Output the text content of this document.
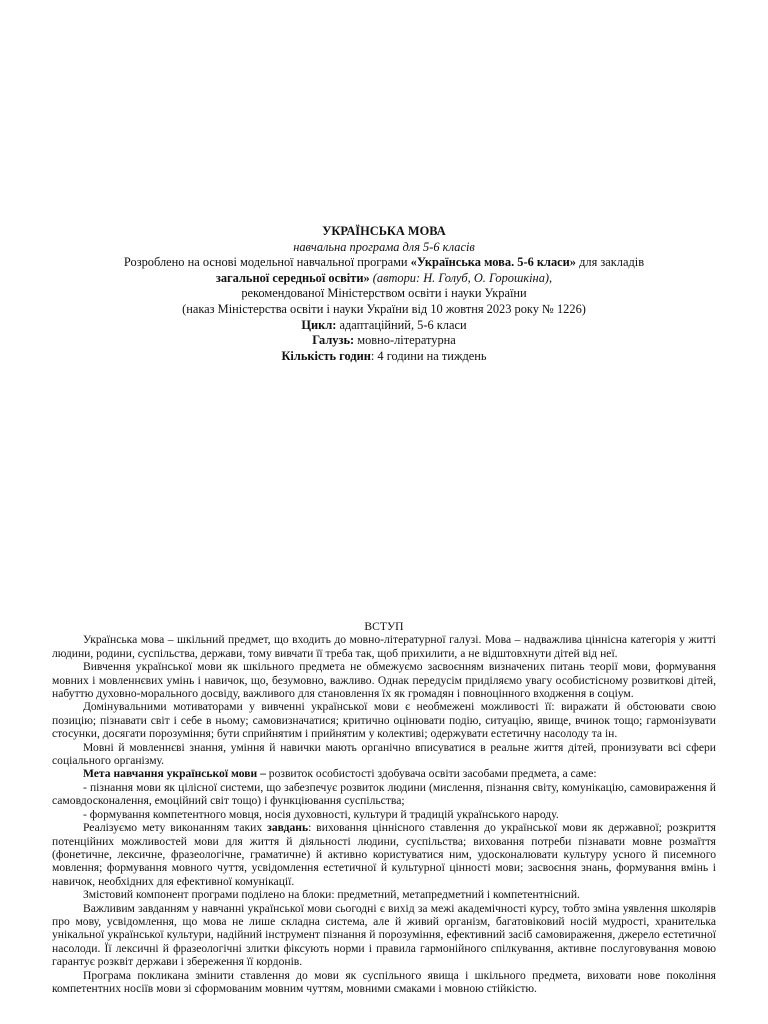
УКРАЇНСЬКА МОВА
навчальна програма для 5-6 класів
Розроблено на основі модельної навчальної програми «Українська мова. 5-6 класи» для закладів
загальної середньої освіти» (автори: Н. Голуб, О. Горошкіна),
рекомендованої Міністерством освіти і науки України
(наказ Міністерства освіти і науки України від 10 жовтня 2023 року № 1226)
Цикл: адаптаційний, 5-6 класи
Галузь: мовно-літературна
Кількість годин: 4 години на тиждень
ВСТУП

Українська мова – шкільний предмет, що входить до мовно-літературної галузі. Мова – надважлива ціннісна категорія у житті людини, родини, суспільства, держави, тому вивчати її треба так, щоб прихилити, а не відштовхнути дітей від неї.

Вивчення української мови як шкільного предмета не обмежуємо засвоєнням визначених питань теорії мови, формування мовних і мовленнєвих умінь і навичок, що, безумовно, важливо. Однак передусім приділяємо увагу особистісному розвиткові дітей, набуттю духовно-морального досвіду, важливого для становлення їх як громадян і повноцінного входження в соціум.

Домінувальними мотиваторами у вивченні української мови є необмежені можливості її: виражати й обстоювати свою позицію; пізнавати світ і себе в ньому; самовизначатися; критично оцінювати подію, ситуацію, явище, вчинок тощо; гармонізувати стосунки, досягати порозуміння; бути сприйнятим і прийнятим у колективі; одержувати естетичну насолоду та ін.

Мовні й мовленнєві знання, уміння й навички мають органічно вписуватися в реальне життя дітей, пронизувати всі сфери соціального організму.

Мета навчання української мови – розвиток особистості здобувача освіти засобами предмета, а саме:

- пізнання мови як цілісної системи, що забезпечує розвиток людини (мислення, пізнання світу, комунікацію, самовираження й самовдосконалення, емоційний світ тощо) і функціювання суспільства;

- формування компетентного мовця, носія духовності, культури й традицій українського народу.

Реалізуємо мету виконанням таких завдань: виховання ціннісного ставлення до української мови як державної; розкриття потенційних можливостей мови для життя й діяльності людини, суспільства; виховання потреби пізнавати мовне розмаїття (фонетичне, лексичне, фразеологічне, граматичне) й активно користуватися ним, удосконалювати культуру усного й писемного мовлення; формування мовного чуття, усвідомлення естетичної й культурної цінності мови; засвоєння знань, формування вмінь і навичок, необхідних для ефективної комунікації.

Змістовий компонент програми поділено на блоки: предметний, метапредметний і компетентнісний.

Важливим завданням у навчанні української мови сьогодні є вихід за межі академічності курсу, тобто зміна уявлення школярів про мову, усвідомлення, що мова не лише складна система, але й живий організм, багатовіковий носій мудрості, хранителька унікальної української культури, надійний інструмент пізнання й порозуміння, ефективний засіб самовираження, джерело естетичної насолоди. Її лексичні й фразеологічні злитки фіксують норми і правила гармонійного спілкування, активне послуговування мовою гарантує розквіт держави і збереження її кордонів.

Програма покликана змінити ставлення до мови як суспільного явища і шкільного предмета, виховати нове покоління компетентних носіїв мови зі сформованим мовним чуттям, мовними смаками і мовною стійкістю.
